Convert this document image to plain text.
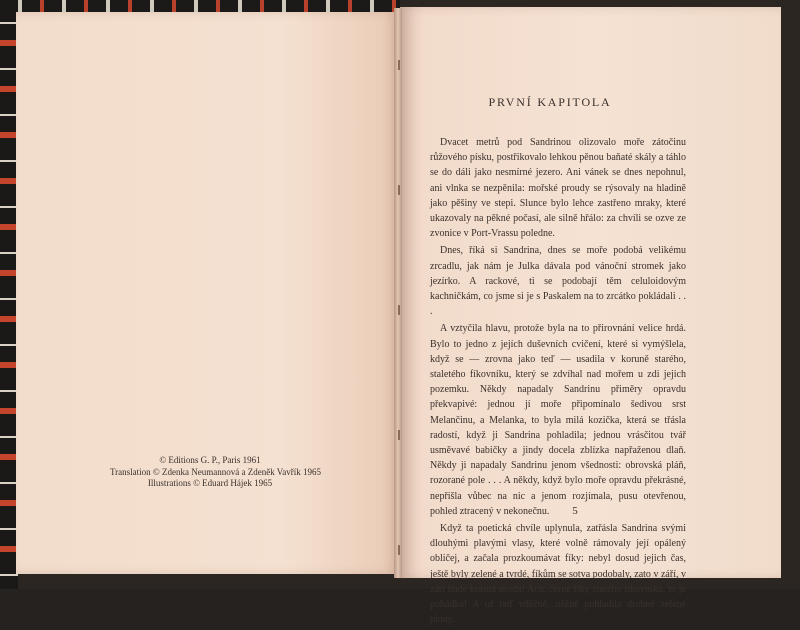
© Editions G. P., Paris 1961
Translation © Zdenka Neumannová a Zdeněk Vavřík 1965
Illustrations © Eduard Hájek 1965
PRVNÍ KAPITOLA

Dvacet metrů pod Sandrinou olizovalo moře zátočinu růžového písku, postřikovalo lehkou pěnou baňaté skály a táhlo se do dáli jako nesmírné jezero. Ani vánek se dnes nepohnul, ani vlnka se nezpěnila: mořské proudy se rýsovaly na hladině jako pěšiny ve stepi. Slunce bylo lehce zastřeno mraky, které ukazovaly na pěkné počasí, ale silně hřálo: za chvíli se ozve ze zvonice v Port-Vrassu poledne.

Dnes, říká si Sandrina, dnes se moře podobá velikému zrcadlu, jak nám je Julka dávala pod vánoční stromek jako jezírko. A rackové, ti se podobají těm celuloidovým kachničkám, co jsme si je s Paskalem na to zrcátko pokládali . . .

A vztyčila hlavu, protože byla na to přirovnání velice hrdá. Bylo to jedno z jejích duševních cvičení, které si vymýšlela, když se — zrovna jako teď — usadila v koruně starého, staletého fíkovníku, který se zdvíhal nad mořem u zdi jejich pozemku. Někdy napadaly Sandrinu přiměry opravdu překvapivé: jednou jí moře připomínalo šedivou srst Melančinu, a Melanka, to byla milá kozička, která se třásla radostí, když ji Sandrina pohladila; jednou vrásčitou tvář usměvavé babičky a jindy docela zblízka napřaženou dlaň. Někdy ji napadaly Sandrinu jenom všednosti: obrovská pláň, rozorané pole . . . A někdy, když bylo moře opravdu překrásné, nepřišla vůbec na nic a jenom rozjímala, pusu otevřenou, pohled ztracený v nekonečnu.

Když ta poetická chvíle uplynula, zatřásla Sandrina svými dlouhými plavými vlasy, které volně rámovaly její opálený obličej, a začala prozkoumávat fíky: nebyl dosud jejich čas, ještě byly zelené a tvrdé, fíkům se sotva podobaly, zato v září, v září bude krásná úroda! Ach, černé fíky starého fíkovníku, to je pohádka! A už teď vděčně, něžně pohladila drobné zelené plody.

5
